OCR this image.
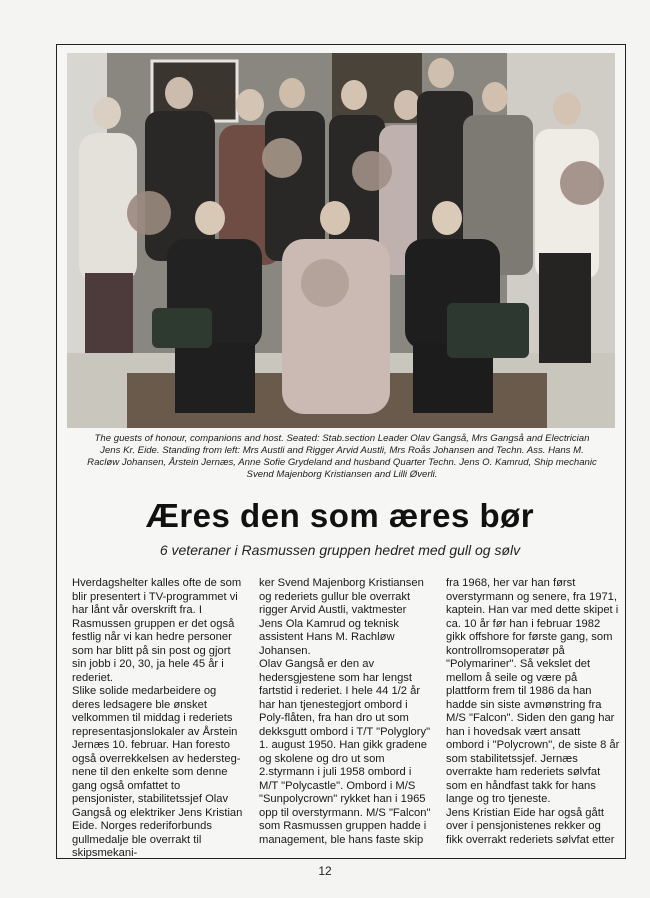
The guests of honour, companions and host. Seated: Stab.section Leader Olav Gangså, Mrs Gangså and Electrician
Jens Kr. Eide. Standing from left: Mrs Austli and Rigger Arvid Austli, Mrs Roås Johansen and Techn. Ass. Hans M.
Racløw Johansen, Årstein Jernæs, Anne Sofie Grydeland and husband Quarter Techn. Jens O. Kamrud, Ship mechanic
Svend Majenborg Kristiansen and Lilli Øverli.
Æres den som æres bør
6 veteraner i Rasmussen gruppen hedret med gull og sølv

Hverdagshelter kalles ofte de som blir presentert i TV-programmet vi har lånt vår overskrift fra. I Rasmussen gruppen er det også festlig når vi kan hedre personer som har blitt på sin post og gjort sin jobb i 20, 30, ja hele 45 år i rederiet.
Slike solide medarbeidere og deres ledsagere ble ønsket velkommen til middag i rederiets representasjonslokaler av Årstein Jernæs 10. februar. Han foresto også overrekkelsen av hedersteg-nene til den enkelte som denne gang også omfattet to pensjonister, stabilitetssjef Olav Gangså og elektriker Jens Kristian Eide. Norges rederiforbunds gullmedalje ble overrakt til skipsmekani-

ker Svend Majenborg Kristiansen og rederiets gullur ble overrakt rigger Arvid Austli, vaktmester Jens Ola Kamrud og teknisk assistent Hans M. Rachløw Johansen.
Olav Gangså er den av hedersgjestene som har lengst fartstid i rederiet. I hele 44 1/2 år har han tjenestegjort ombord i Poly-flåten, fra han dro ut som dekksgutt ombord i T/T "Polyglory" 1. august 1950. Han gikk gradene og skolene og dro ut som 2.styrmann i juli 1958 ombord i M/T "Polycastle". Ombord i M/S "Sunpolycrown" rykket han i 1965 opp til overstyrmann. M/S "Falcon" som Rasmussen gruppen hadde i management, ble hans faste skip

fra 1968, her var han først overstyrmann og senere, fra 1971, kaptein. Han var med dette skipet i ca. 10 år før han i februar 1982 gikk offshore for første gang, som kontrollromsoperatør på "Polymariner". Så vekslet det mellom å seile og være på plattform frem til 1986 da han hadde sin siste avmønstring fra M/S "Falcon". Siden den gang har han i hovedsak vært ansatt ombord i "Polycrown", de siste 8 år som stabilitetssjef. Jernæs overrakte ham rederiets sølvfat som en håndfast takk for hans lange og tro tjeneste.
Jens Kristian Eide har også gått over i pensjonistenes rekker og fikk overrakt rederiets sølvfat etter

12
